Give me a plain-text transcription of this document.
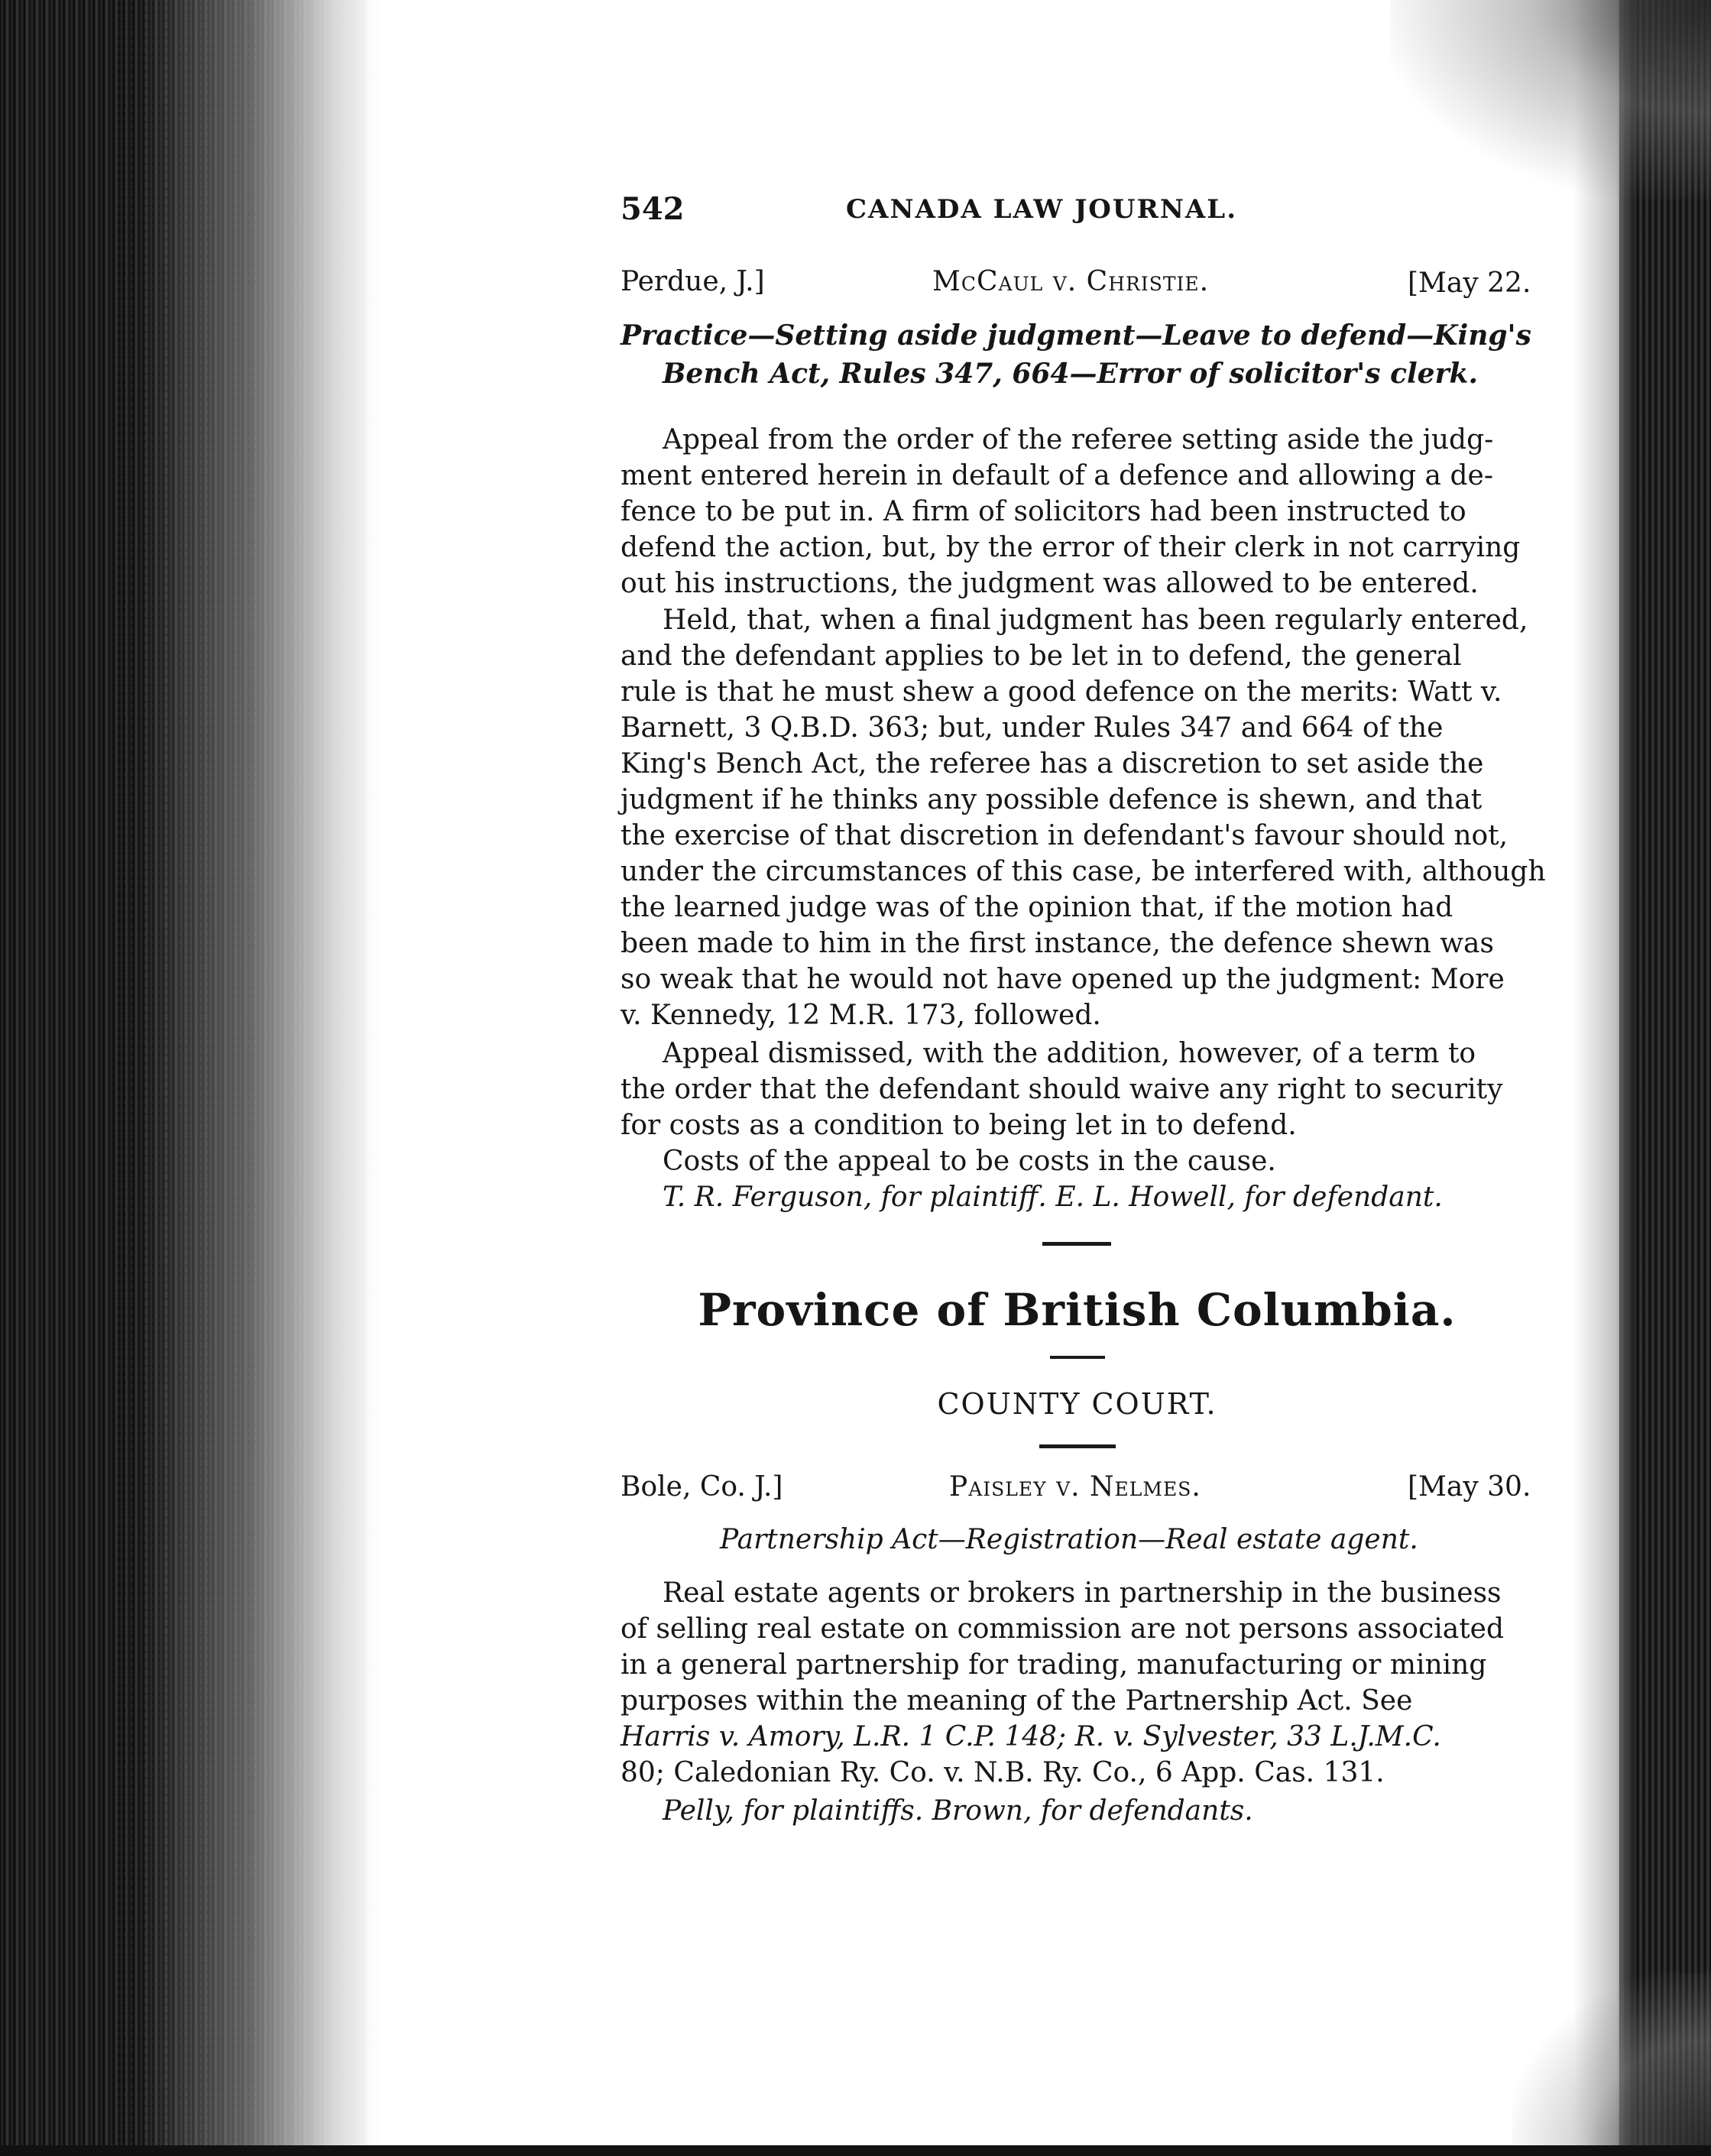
542	CANADA LAW JOURNAL.
Perdue, J.]	McCaul v. Christie.	[May 22.
Practice—Setting aside judgment—Leave to defend—King's
Bench Act, Rules 347, 664—Error of solicitor's clerk.
Appeal from the order of the referee setting aside the judg-
ment entered herein in default of a defence and allowing a de-
fence to be put in. A firm of solicitors had been instructed to
defend the action, but, by the error of their clerk in not carrying
out his instructions, the judgment was allowed to be entered.
Held, that, when a final judgment has been regularly entered,
and the defendant applies to be let in to defend, the general
rule is that he must shew a good defence on the merits: Watt v.
Barnett, 3 Q.B.D. 363; but, under Rules 347 and 664 of the
King's Bench Act, the referee has a discretion to set aside the
judgment if he thinks any possible defence is shewn, and that
the exercise of that discretion in defendant's favour should not,
under the circumstances of this case, be interfered with, although
the learned judge was of the opinion that, if the motion had
been made to him in the first instance, the defence shewn was
so weak that he would not have opened up the judgment: More
v. Kennedy, 12 M.R. 173, followed.
Appeal dismissed, with the addition, however, of a term to
the order that the defendant should waive any right to security
for costs as a condition to being let in to defend.
Costs of the appeal to be costs in the cause.
T. R. Ferguson, for plaintiff. E. L. Howell, for defendant.
Province of British Columbia.
COUNTY COURT.
Bole, Co. J.]	Paisley v. Nelmes.	[May 30.
Partnership Act—Registration—Real estate agent.
Real estate agents or brokers in partnership in the business
of selling real estate on commission are not persons associated
in a general partnership for trading, manufacturing or mining
purposes within the meaning of the Partnership Act. See
Harris v. Amory, L.R. 1 C.P. 148; R. v. Sylvester, 33 L.J.M.C.
80; Caledonian Ry. Co. v. N.B. Ry. Co., 6 App. Cas. 131.
Pelly, for plaintiffs. Brown, for defendants.
